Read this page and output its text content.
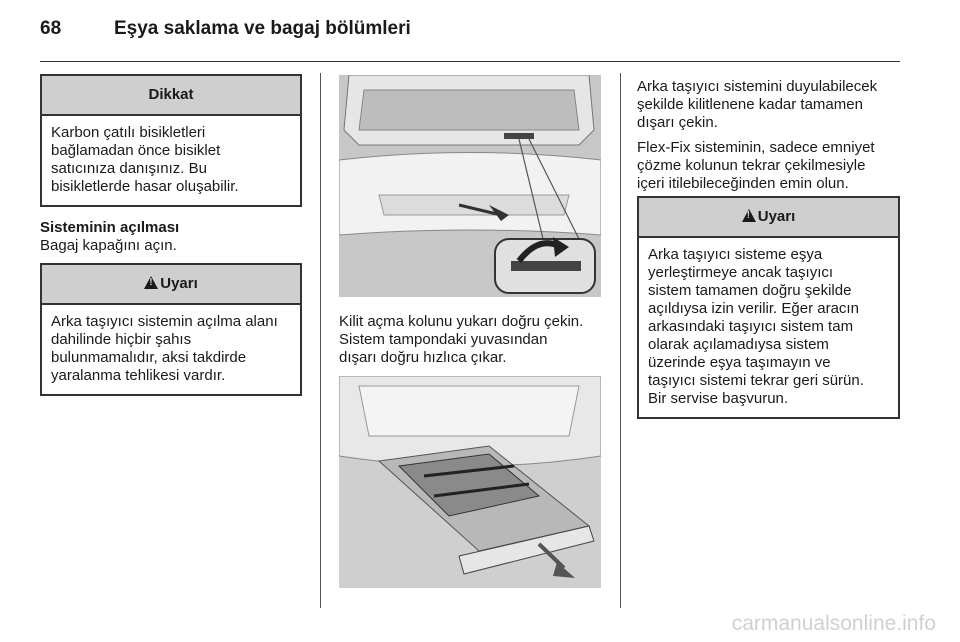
68	Eşya saklama ve bagaj bölümleri
Dikkat
Karbon çatılı bisikletleri
bağlamadan önce bisiklet
satıcınıza danışınız. Bu
bisikletlerde hasar oluşabilir.
Sisteminin açılması
Bagaj kapağını açın.
!Uyarı
Arka taşıyıcı sistemin açılma alanı
dahilinde hiçbir şahıs
bulunmamalıdır, aksi takdirde
yaralanma tehlikesi vardır.

Kilit açma kolunu yukarı doğru çekin.
Sistem tampondaki yuvasından
dışarı doğru hızlıca çıkar.

Arka taşıyıcı sistemini duyulabilecek
şekilde kilitlenene kadar tamamen
dışarı çekin.

Flex-Fix sisteminin, sadece emniyet
çözme kolunun tekrar çekilmesiyle
içeri itilebileceğinden emin olun.

!Uyarı
Arka taşıyıcı sisteme eşya
yerleştirmeye ancak taşıyıcı
sistem tamamen doğru şekilde
açıldıysa izin verilir. Eğer aracın
arkasındaki taşıyıcı sistem tam
olarak açılamadıysa sistem
üzerinde eşya taşımayın ve
taşıyıcı sistemi tekrar geri sürün.
Bir servise başvurun.
carmanualsonline.info
